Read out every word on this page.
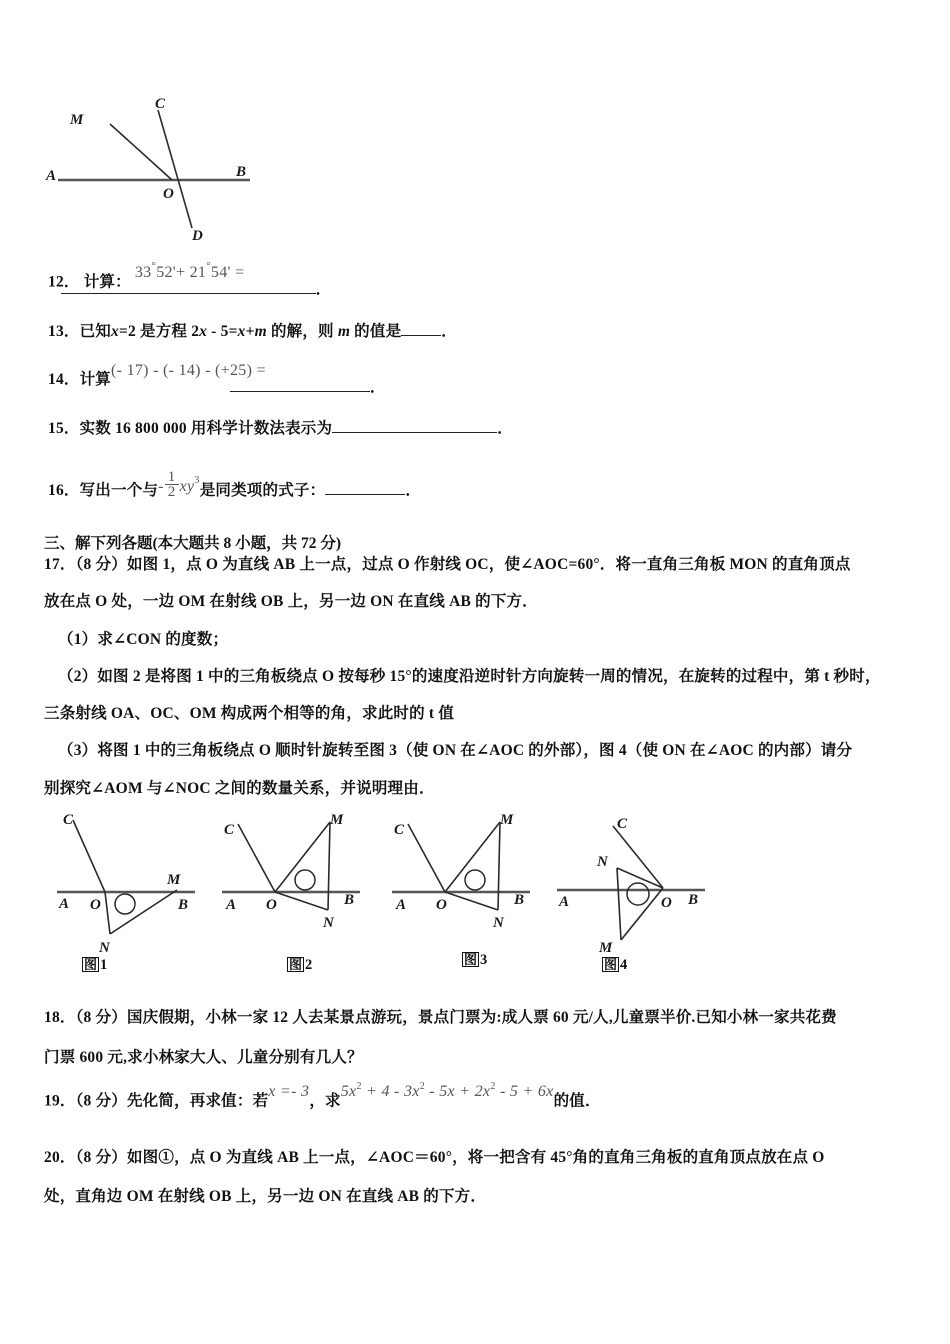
M
C
A	B
O
D
12． 计算： 33°52'+ 21°54' = ．
13．已知x=2 是方程 2x - 5=x+m 的解，则 m 的值是	．
14．计算(- 17) - (- 14) - (+25) = ．
15．实数 16 800 000 用科学计数法表示为	．
16．写出一个与- $\frac{1}{2} xy^3$是同类项的式子：	．
三、解下列各题(本大题共 8 小题，共 72 分)
17．（8 分）如图 1，点 O 为直线 AB 上一点，过点 O 作射线 OC，使∠AOC=60°．将一直角三角板 MON 的直角顶点
放在点 O 处，一边 OM 在射线 OB 上，另一边 ON 在直线 AB 的下方．
（1）求∠CON 的度数；
（2）如图 2 是将图 1 中的三角板绕点 O 按每秒 15°的速度沿逆时针方向旋转一周的情况，在旋转的过程中，第 t 秒时，
三条射线 OA、OC、OM 构成两个相等的角，求此时的 t 值
（3）将图 1 中的三角板绕点 O 顺时针旋转至图 3（使 ON 在∠AOC 的外部），图 4（使 ON 在∠AOC 的内部）请分
别探究∠AOM 与∠NOC 之间的数量关系，并说明理由．
C
A O	B
M
N
图 1
C
M
A O	B
N
图 2
C
M
A O	B
N
图 3
C
N
A	O B
M
图 4
18．（8 分）国庆假期，小林一家 12 人去某景点游玩，景点门票为:成人票 60 元/人,儿童票半价.已知小林一家共花费
门票 600 元,求小林家大人、儿童分别有几人？
19．（8 分）先化简，再求值：若x =- 3，求$5x^2 + 4 - 3x^2 - 5x + 2x^2 - 5 + 6x$的值．
20．（8 分）如图①，点 O 为直线 AB 上一点，∠AOC＝60°，将一把含有 45°角的直角三角板的直角顶点放在点 O
处，直角边 OM 在射线 OB 上，另一边 ON 在直线 AB 的下方．
